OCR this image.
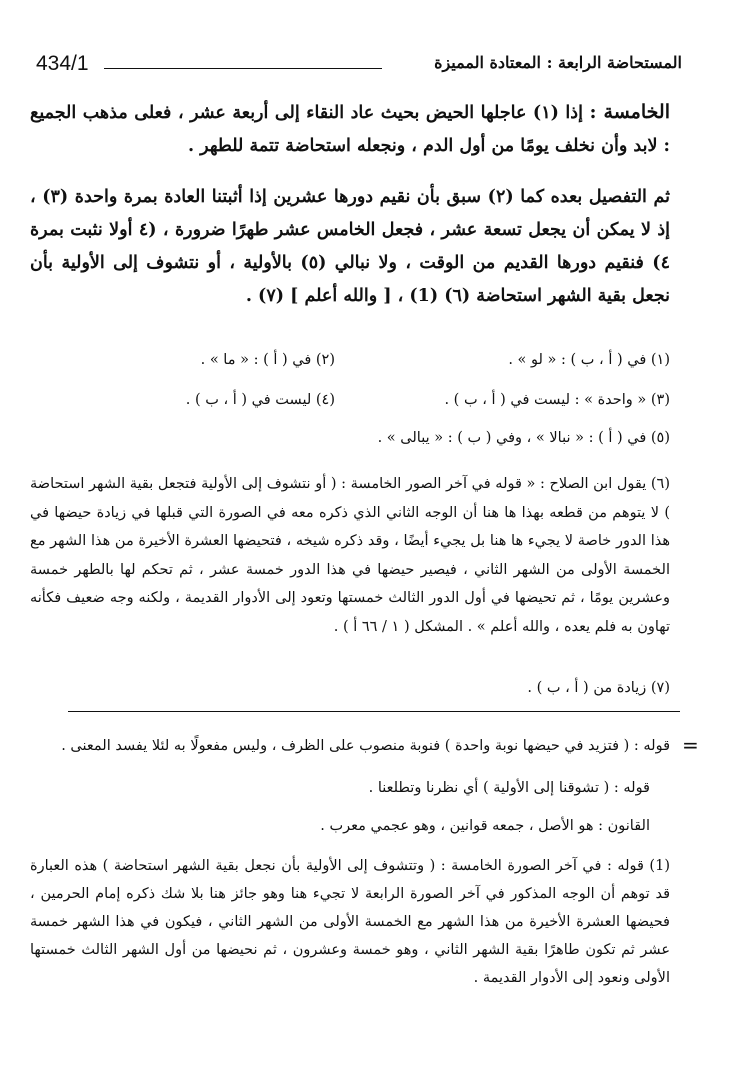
434/1	المستحاضة الرابعة : المعتادة المميزة

الخامسة : إذا (١) عاجلها الحيض بحيث عاد النقاء إلى أربعة عشر ، فعلى مذهب الجميع : لابد وأن نخلف يومًا من أول الدم ، ونجعله استحاضة تتمة للطهر .

ثم التفصيل بعده كما (٢) سبق بأن نقيم دورها عشرين إذا أثبتنا العادة بمرة واحدة (٣) ، إذ لا يمكن أن يجعل تسعة عشر ، فجعل الخامس عشر طهرًا ضرورة ، (٤ أولا نثبت بمرة ٤) فنقيم دورها القديم من الوقت ، ولا نبالي (٥) بالأولية ، أو نتشوف إلى الأولية بأن نجعل بقية الشهر استحاضة (٦) (1) ، [ والله أعلم ] (٧) .

(١) في ( أ ، ب ) : « لو » .
(٢) في ( أ ) : « ما » .
(٣) « واحدة » : ليست في ( أ ، ب ) .
(٤) ليست في ( أ ، ب ) .
(٥) في ( أ ) : « نبالا » ، وفي ( ب ) : « يبالى » .

(٦) يقول ابن الصلاح : « قوله في آخر الصور الخامسة : ( أو نتشوف إلى الأولية فتجعل بقية الشهر استحاضة ) لا يتوهم من قطعه بهذا ها هنا أن الوجه الثاني الذي ذكره معه في الصورة التي قبلها في زيادة حيضها في هذا الدور خاصة لا يجيء ها هنا بل يجيء أيضًا ، وقد ذكره شيخه ، فتحيضها العشرة الأخيرة من هذا الشهر مع الخمسة الأولى من الشهر الثاني ، فيصير حيضها في هذا الدور خمسة عشر ، ثم تحكم لها بالطهر خمسة وعشرين يومًا ، ثم تحيضها في أول الدور الثالث خمستها وتعود إلى الأدوار القديمة ، ولكنه وجه ضعيف فكأنه تهاون به فلم يعده ، والله أعلم » . المشكل ( ١ / ٦٦ أ ) .

(٧) زيادة من ( أ ، ب ) .

=

قوله : ( فتزيد في حيضها نوبة واحدة ) فنوبة منصوب على الظرف ، وليس مفعولًا به لئلا يفسد المعنى .

قوله : ( تشوقنا إلى الأولية ) أي نظرنا وتطلعنا .

القانون : هو الأصل ، جمعه قوانين ، وهو عجمي معرب .

(1) قوله : في آخر الصورة الخامسة : ( وتتشوف إلى الأولية بأن نجعل بقية الشهر استحاضة ) هذه العبارة قد توهم أن الوجه المذكور في آخر الصورة الرابعة لا تجيء هنا وهو جائز هنا بلا شك ذكره إمام الحرمين ، فحيضها العشرة الأخيرة من هذا الشهر مع الخمسة الأولى من الشهر الثاني ، فيكون في هذا الشهر خمسة عشر ثم تكون طاهرًا بقية الشهر الثاني ، وهو خمسة وعشرون ، ثم نحيضها من أول الشهر الثالث خمستها الأولى ونعود إلى الأدوار القديمة .
